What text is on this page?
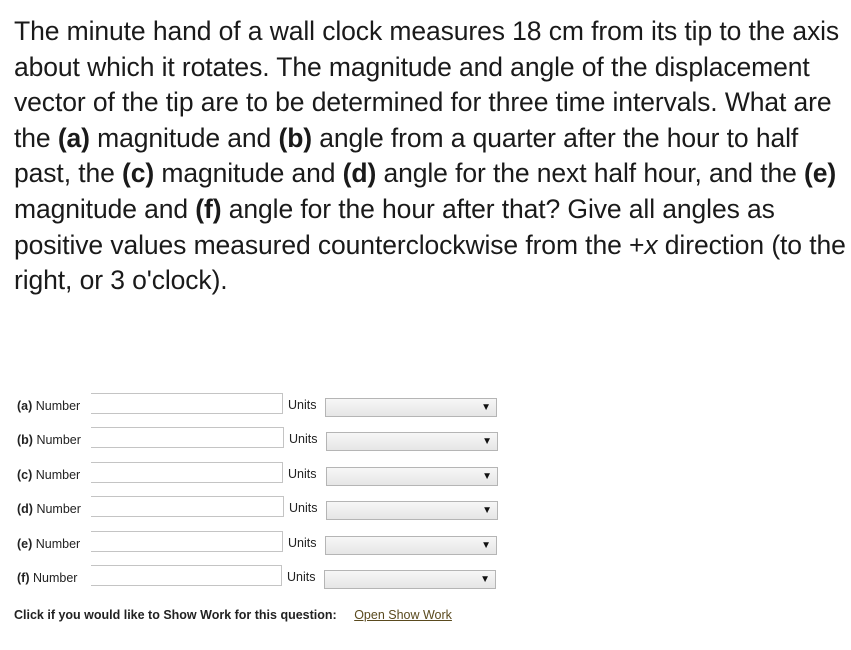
The minute hand of a wall clock measures 18 cm from its tip to the axis about which it rotates. The magnitude and angle of the displacement vector of the tip are to be determined for three time intervals. What are the (a) magnitude and (b) angle from a quarter after the hour to half past, the (c) magnitude and (d) angle for the next half hour, and the (e) magnitude and (f) angle for the hour after that? Give all angles as positive values measured counterclockwise from the +x direction (to the right, or 3 o'clock).
(a) Number	Units	▼
(b) Number	Units	▼
(c) Number	Units	▼
(d) Number	Units	▼
(e) Number	Units	▼
(f) Number	Units	▼
Click if you would like to Show Work for this question: Open Show Work
